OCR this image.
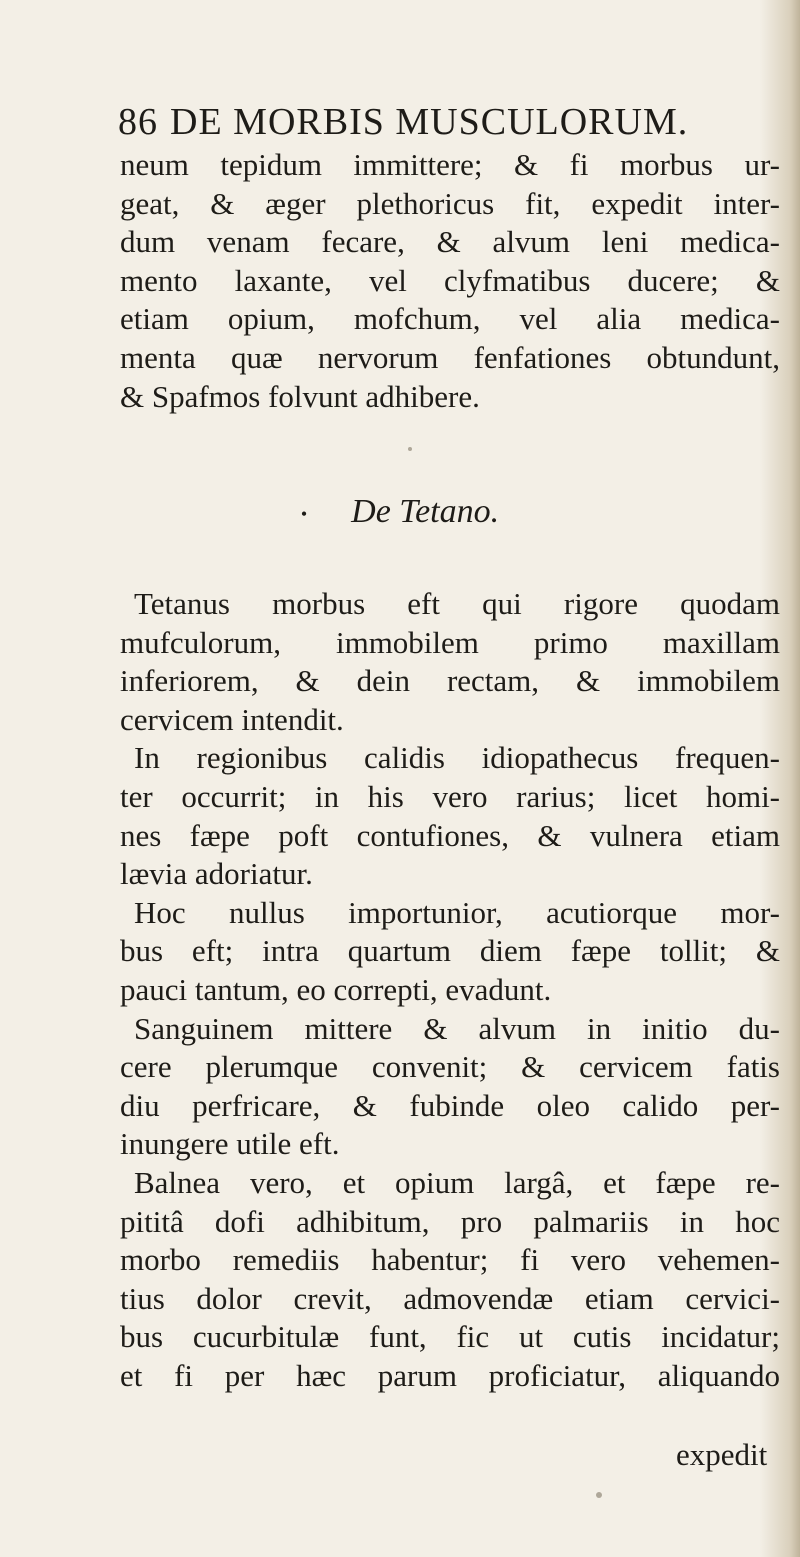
86 DE MORBIS MUSCULORUM.
neum tepidum immittere; & fi morbus ur-
geat, & æger plethoricus fit, expedit inter-
dum venam fecare, & alvum leni medica-
mento laxante, vel clyfmatibus ducere; &
etiam opium, mofchum, vel alia medica-
menta quæ nervorum fenfationes obtundunt,
& Spafmos folvunt adhibere.
• De Tetano.
Tetanus morbus eft qui rigore quodam
mufculorum, immobilem primo maxillam
inferiorem, & dein rectam, & immobilem
cervicem intendit.
In regionibus calidis idiopathecus frequen-
ter occurrit; in his vero rarius; licet homi-
nes fæpe poft contufiones, & vulnera etiam
lævia adoriatur.
Hoc nullus importunior, acutiorque mor-
bus eft; intra quartum diem fæpe tollit; &
pauci tantum, eo correpti, evadunt.
Sanguinem mittere & alvum in initio du-
cere plerumque convenit; & cervicem fatis
diu perfricare, & fubinde oleo calido per-
inungere utile eft.
Balnea vero, et opium largâ, et fæpe re-
pititâ dofi adhibitum, pro palmariis in hoc
morbo remediis habentur; fi vero vehemen-
tius dolor crevit, admovendæ etiam cervici-
bus cucurbitulæ funt, fic ut cutis incidatur;
et fi per hæc parum proficiatur, aliquando
expedit
